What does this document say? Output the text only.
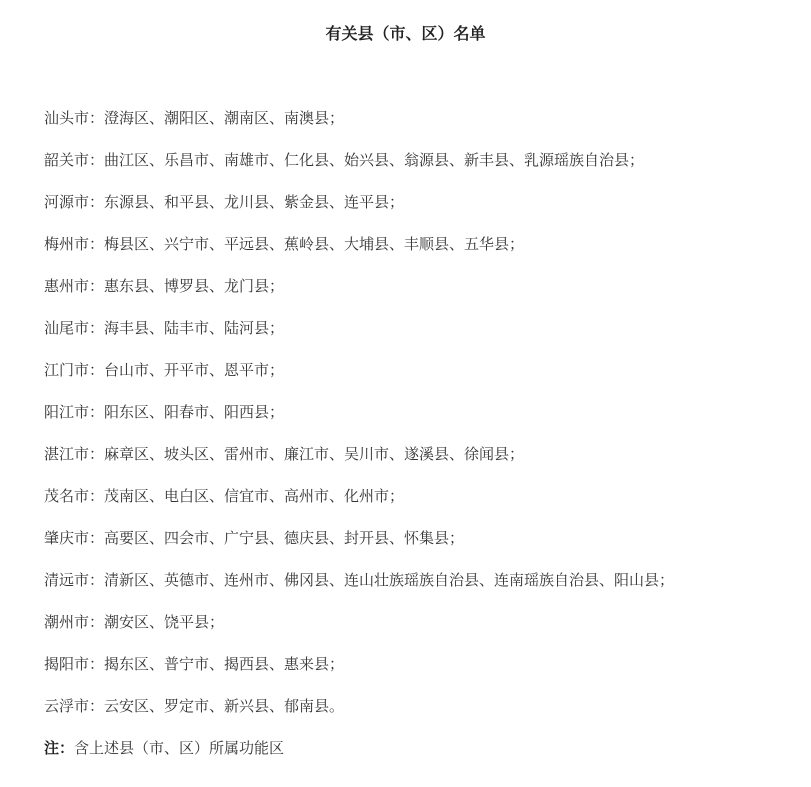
有关县（市、区）名单
汕头市：澄海区、潮阳区、潮南区、南澳县；
韶关市：曲江区、乐昌市、南雄市、仁化县、始兴县、翁源县、新丰县、乳源瑶族自治县；
河源市：东源县、和平县、龙川县、紫金县、连平县；
梅州市：梅县区、兴宁市、平远县、蕉岭县、大埔县、丰顺县、五华县；
惠州市：惠东县、博罗县、龙门县；
汕尾市：海丰县、陆丰市、陆河县；
江门市：台山市、开平市、恩平市；
阳江市：阳东区、阳春市、阳西县；
湛江市：麻章区、坡头区、雷州市、廉江市、吴川市、遂溪县、徐闻县；
茂名市：茂南区、电白区、信宜市、高州市、化州市；
肇庆市：高要区、四会市、广宁县、德庆县、封开县、怀集县；
清远市：清新区、英德市、连州市、佛冈县、连山壮族瑶族自治县、连南瑶族自治县、阳山县；
潮州市：潮安区、饶平县；
揭阳市：揭东区、普宁市、揭西县、惠来县；
云浮市：云安区、罗定市、新兴县、郁南县。
注：含上述县（市、区）所属功能区
